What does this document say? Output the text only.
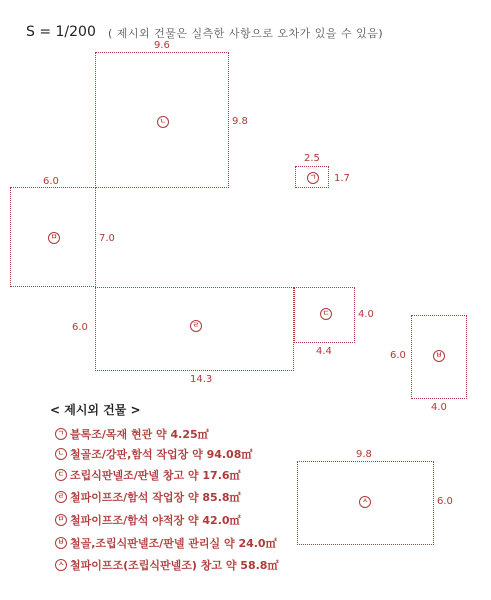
S = 1/200 ( 제시외 건물은 실측한 사항으로 오차가 있을 수 있음)
9.6
9.8
ㄴ
2.5
1.7
ㄱ
6.0
7.0
ㅁ
14.3
6.0	ㄹ
4.4
4.0
ㄷ
4.0
6.0	ㅂ
9.8
6.0
ㅅ
< 제시외 건물 >
ㄱ 블록조/목재 현관 약 4.25㎡
ㄴ 철골조/강판,함석 작업장 약 94.08㎡
ㄷ 조립식판넬조/판넬 창고 약 17.6㎡
ㄹ 철파이프조/함석 작업장 약 85.8㎡
ㅁ 철파이프조/함석 야적장 약 42.0㎡
ㅂ 철골,조립식판넬조/판넬 관리실 약 24.0㎡
ㅅ 철파이프조(조립식판넬조) 창고 약 58.8㎡
